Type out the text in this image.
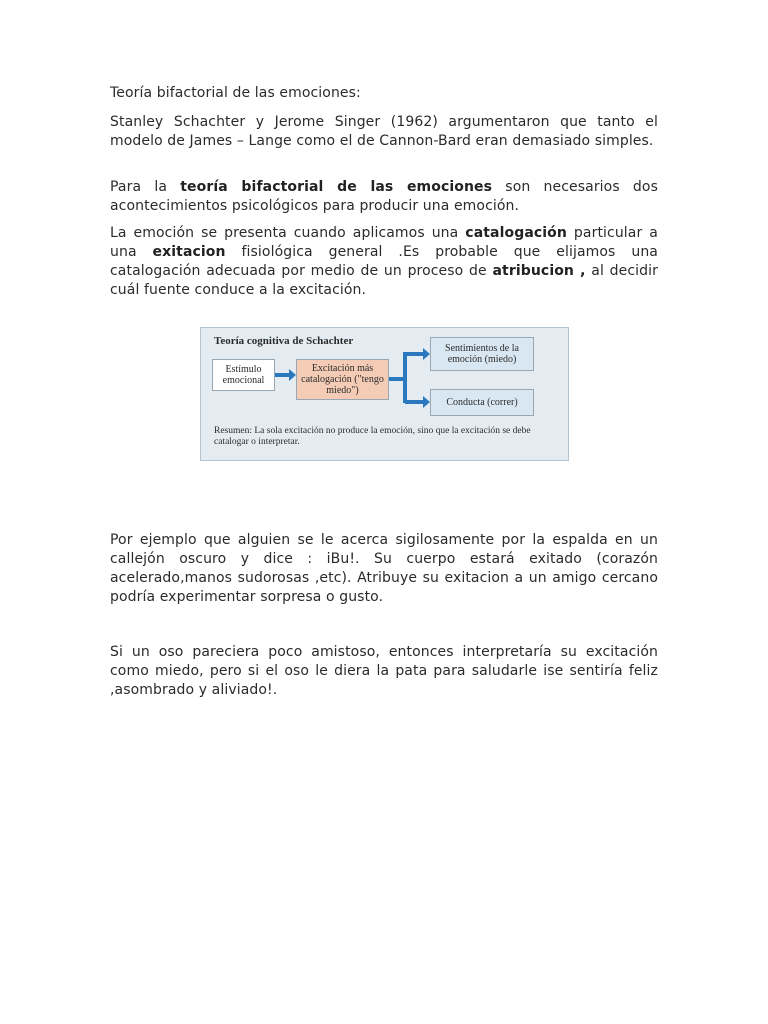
Teoría bifactorial de las emociones:

Stanley Schachter y Jerome Singer (1962) argumentaron que tanto el modelo de James – Lange como el de Cannon-Bard eran demasiado simples.

Para la teoría bifactorial de las emociones son necesarios dos acontecimientos psicológicos para producir una emoción.

La emoción se presenta cuando aplicamos una catalogación particular a una exitacion fisiológica general .Es probable que elijamos una catalogación adecuada por medio de un proceso de atribucion , al decidir cuál fuente conduce a la excitación.

Teoría cognitiva de Schachter
Estímulo emocional
Excitación más catalogación ("tengo miedo")
Sentimientos de la emoción (miedo)
Conducta (correr)
Resumen: La sola excitación no produce la emoción, sino que la excitación se debe catalogar o interpretar.

Por ejemplo que alguien se le acerca sigilosamente por la espalda en un callejón oscuro y dice : iBu!. Su cuerpo estará exitado (corazón acelerado,manos sudorosas ,etc). Atribuye su exitacion a un amigo cercano podría experimentar sorpresa o gusto.

Si un oso pareciera poco amistoso, entonces interpretaría su excitación como miedo, pero si el oso le diera la pata para saludarle ise sentiría feliz ,asombrado y aliviado!.
